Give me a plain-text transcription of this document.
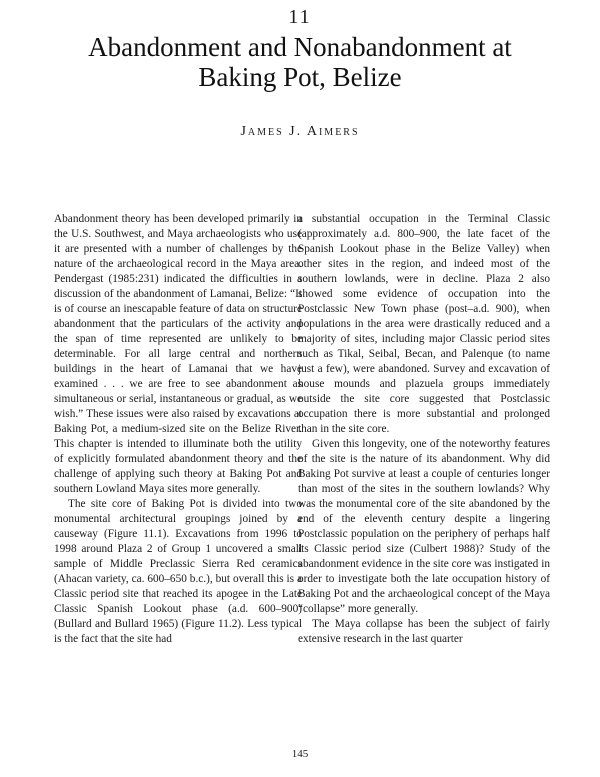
11
Abandonment and Nonabandonment at
Baking Pot, Belize
James J. Aimers

Abandonment theory has been developed primarily in the U.S. Southwest, and Maya archaeologists who use it are presented with a number of challenges by the nature of the archaeological record in the Maya area. Pendergast (1985:231) indicated the difficulties in a discussion of the abandonment of Lamanai, Belize: “It is of course an inescapable feature of data on structure abandonment that the particulars of the activity and the span of time represented are unlikely to be determinable. For all large central and northern buildings in the heart of Lamanai that we have examined . . . we are free to see abandonment as simultaneous or serial, instantaneous or gradual, as we wish.” These issues were also raised by excavations at Baking Pot, a medium-sized site on the Belize River. This chapter is intended to illuminate both the utility of explicitly formulated abandonment theory and the challenge of applying such theory at Baking Pot and southern Lowland Maya sites more generally.

The site core of Baking Pot is divided into two monumental architectural groupings joined by a causeway (Figure 11.1). Excavations from 1996 to 1998 around Plaza 2 of Group 1 uncovered a small sample of Middle Preclassic Sierra Red ceramics (Ahacan variety, ca. 600–650 b.c.), but overall this is a Classic period site that reached its apogee in the Late Classic Spanish Lookout phase (a.d. 600–900) (Bullard and Bullard 1965) (Figure 11.2). Less typical is the fact that the site had

a substantial occupation in the Terminal Classic (approximately a.d. 800–900, the late facet of the Spanish Lookout phase in the Belize Valley) when other sites in the region, and indeed most of the southern lowlands, were in decline. Plaza 2 also showed some evidence of occupation into the Postclassic New Town phase (post–a.d. 900), when populations in the area were drastically reduced and a majority of sites, including major Classic period sites such as Tikal, Seibal, Becan, and Palenque (to name just a few), were abandoned. Survey and excavation of house mounds and plazuela groups immediately outside the site core suggested that Postclassic occupation there is more substantial and prolonged than in the site core.

Given this longevity, one of the noteworthy features of the site is the nature of its abandonment. Why did Baking Pot survive at least a couple of centuries longer than most of the sites in the southern lowlands? Why was the monumental core of the site abandoned by the end of the eleventh century despite a lingering Postclassic population on the periphery of perhaps half its Classic period size (Culbert 1988)? Study of the abandonment evidence in the site core was instigated in order to investigate both the late occupation history of Baking Pot and the archaeological concept of the Maya “collapse” more generally.

The Maya collapse has been the subject of fairly extensive research in the last quarter

145
